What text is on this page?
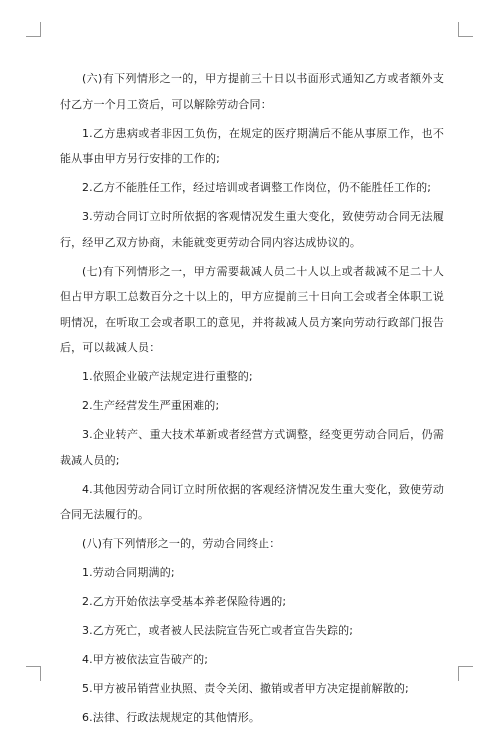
(六)有下列情形之一的，甲方提前三十日以书面形式通知乙方或者额外支付乙方一个月工资后，可以解除劳动合同：

1.乙方患病或者非因工负伤，在规定的医疗期满后不能从事原工作，也不能从事由甲方另行安排的工作的;

2.乙方不能胜任工作，经过培训或者调整工作岗位，仍不能胜任工作的;

3.劳动合同订立时所依据的客观情况发生重大变化，致使劳动合同无法履行，经甲乙双方协商，未能就变更劳动合同内容达成协议的。

(七)有下列情形之一，甲方需要裁减人员二十人以上或者裁减不足二十人但占甲方职工总数百分之十以上的，甲方应提前三十日向工会或者全体职工说明情况，在听取工会或者职工的意见，并将裁减人员方案向劳动行政部门报告后，可以裁减人员：

1.依照企业破产法规定进行重整的;

2.生产经营发生严重困难的;

3.企业转产、重大技术革新或者经营方式调整，经变更劳动合同后，仍需裁减人员的;

4.其他因劳动合同订立时所依据的客观经济情况发生重大变化，致使劳动合同无法履行的。

(八)有下列情形之一的，劳动合同终止：

1.劳动合同期满的;

2.乙方开始依法享受基本养老保险待遇的;

3.乙方死亡，或者被人民法院宣告死亡或者宣告失踪的;

4.甲方被依法宣告破产的;

5.甲方被吊销营业执照、责令关闭、撤销或者甲方决定提前解散的;

6.法律、行政法规规定的其他情形。
